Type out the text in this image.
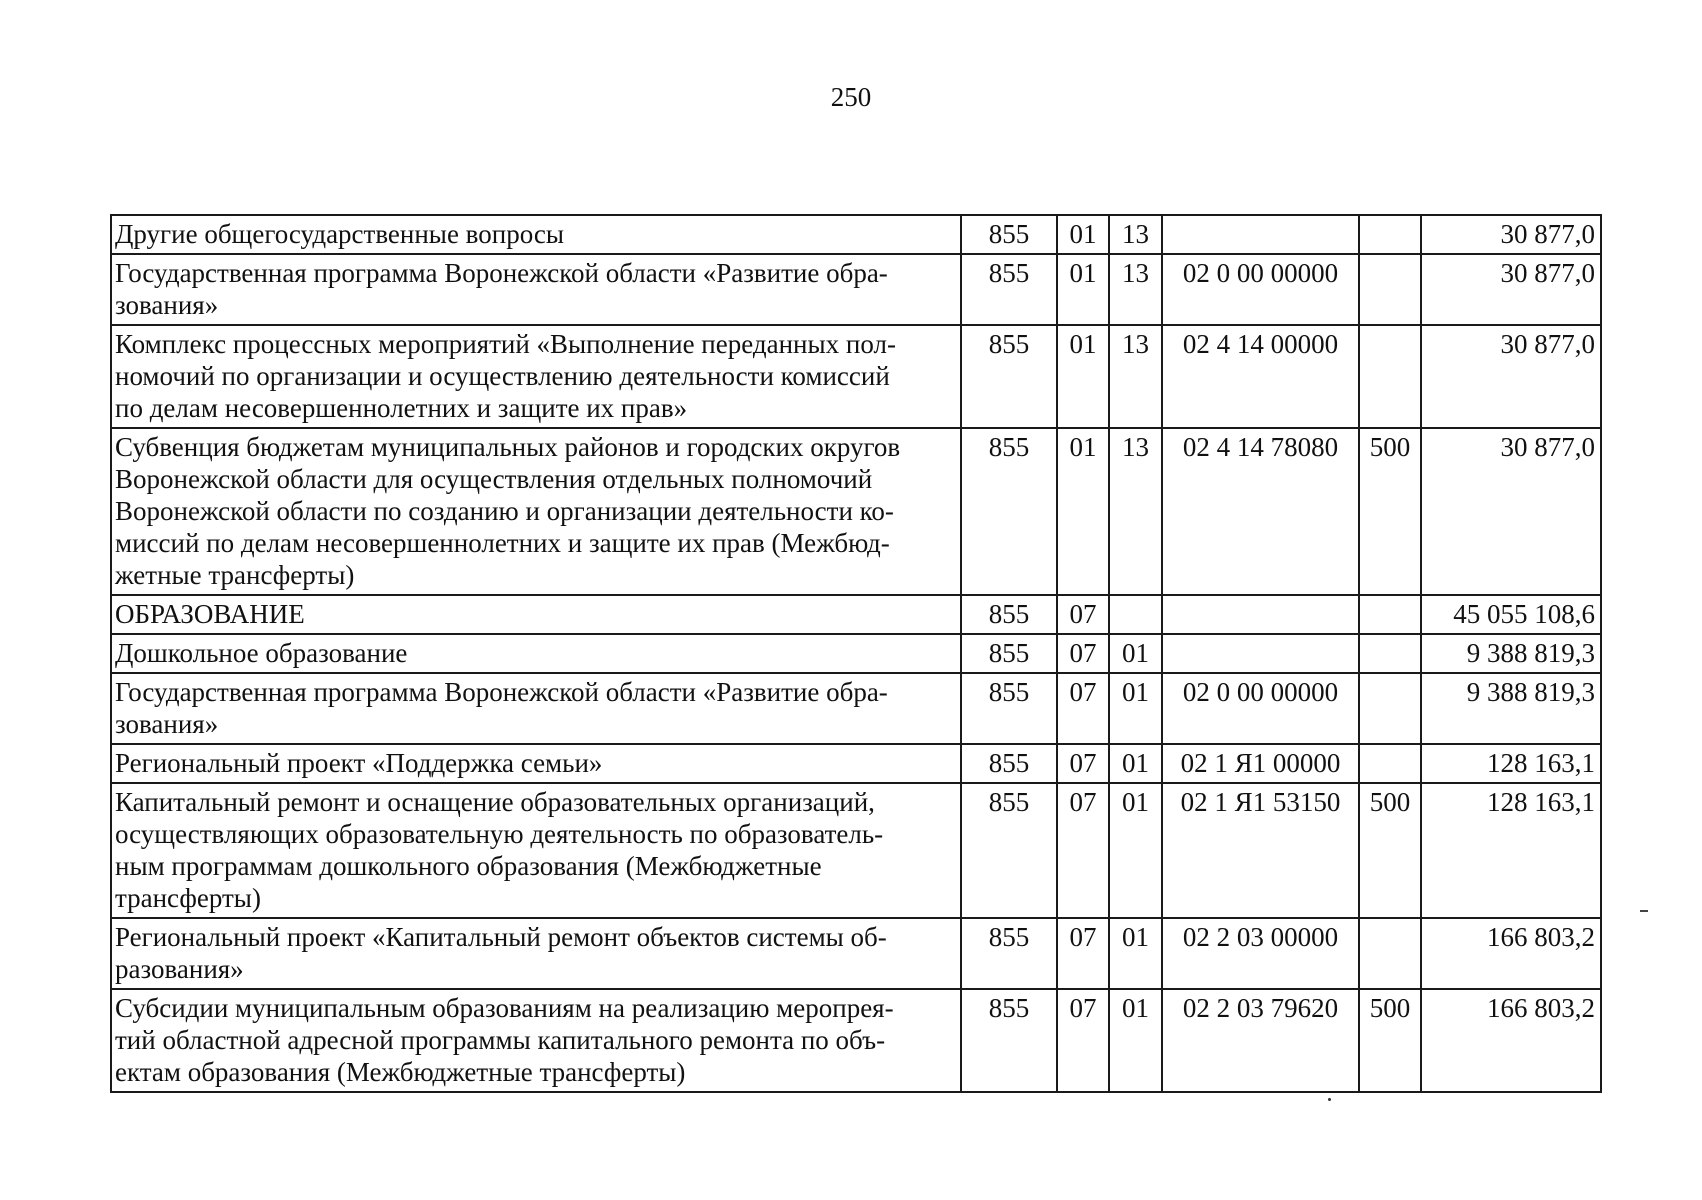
250
Другие общегосударственные вопросы	855	01	13			30 877,0
Государственная программа Воронежской области «Развитие обра-
зования»	855	01	13	02 0 00 00000		30 877,0
Комплекс процессных мероприятий «Выполнение переданных пол-
номочий по организации и осуществлению деятельности комиссий
по делам несовершеннолетних и защите их прав»	855	01	13	02 4 14 00000		30 877,0
Субвенция бюджетам муниципальных районов и городских округов
Воронежской области для осуществления отдельных полномочий
Воронежской области по созданию и организации деятельности ко-
миссий по делам несовершеннолетних и защите их прав (Межбюд-
жетные трансферты)	855	01	13	02 4 14 78080	500	30 877,0
ОБРАЗОВАНИЕ	855	07				45 055 108,6
Дошкольное образование	855	07	01			9 388 819,3
Государственная программа Воронежской области «Развитие обра-
зования»	855	07	01	02 0 00 00000		9 388 819,3
Региональный проект «Поддержка семьи»	855	07	01	02 1 Я1 00000		128 163,1
Капитальный ремонт и оснащение образовательных организаций,
осуществляющих образовательную деятельность по образователь-
ным программам дошкольного образования (Межбюджетные
трансферты)	855	07	01	02 1 Я1 53150	500	128 163,1
Региональный проект «Капитальный ремонт объектов системы об-
разования»	855	07	01	02 2 03 00000		166 803,2
Субсидии муниципальным образованиям на реализацию меропрея-
тий областной адресной программы капитального ремонта по объ-
ектам образования (Межбюджетные трансферты)	855	07	01	02 2 03 79620	500	166 803,2
